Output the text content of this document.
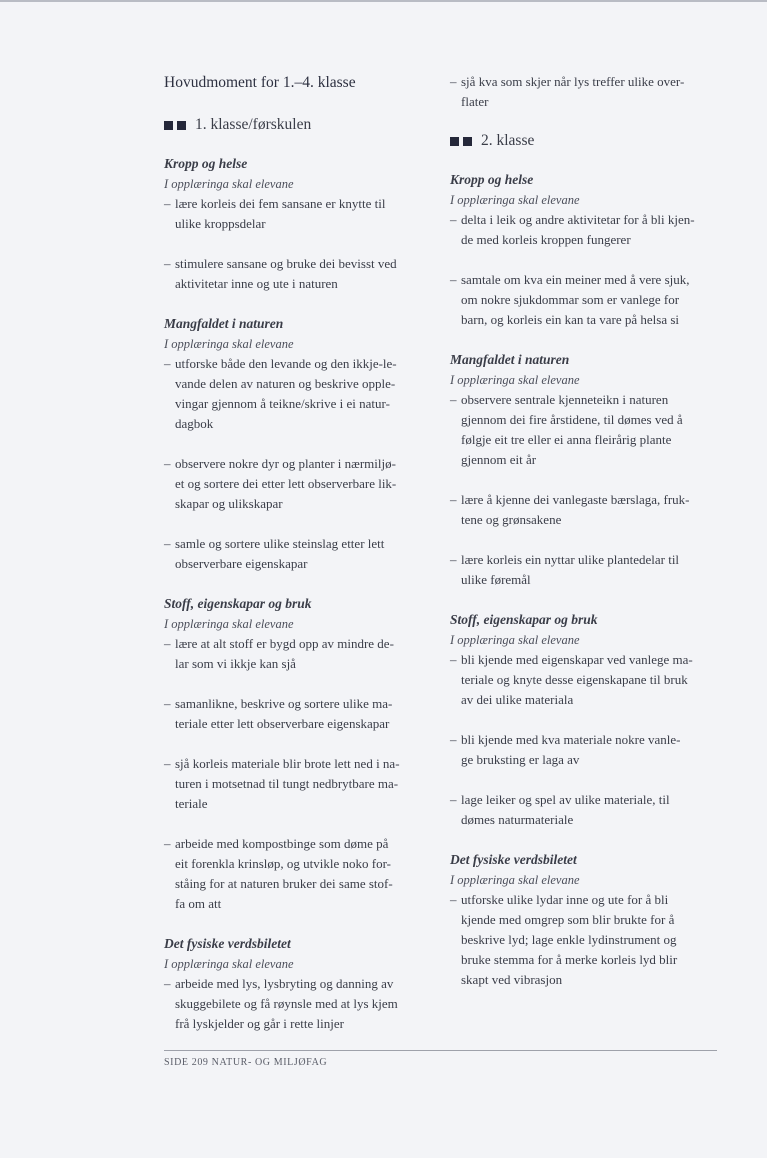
Hovudmoment for 1.–4. klasse
1. klasse/førskulen
Kropp og helse
I opplæringa skal elevane
– lære korleis dei fem sansane er knytte til
ulike kroppsdelar
– stimulere sansane og bruke dei bevisst ved
aktivitetar inne og ute i naturen
Mangfaldet i naturen
I opplæringa skal elevane
– utforske både den levande og den ikkje-le-
vande delen av naturen og beskrive opple-
vingar gjennom å teikne/skrive i ei natur-
dagbok
– observere nokre dyr og planter i nærmiljø-
et og sortere dei etter lett observerbare lik-
skapar og ulikskapar
– samle og sortere ulike steinslag etter lett
observerbare eigenskapar
Stoff, eigenskapar og bruk
I opplæringa skal elevane
– lære at alt stoff er bygd opp av mindre de-
lar som vi ikkje kan sjå
– samanlikne, beskrive og sortere ulike ma-
teriale etter lett observerbare eigenskapar
– sjå korleis materiale blir brote lett ned i na-
turen i motsetnad til tungt nedbrytbare ma-
teriale
– arbeide med kompostbinge som døme på
eit forenkla krinsløp, og utvikle noko for-
ståing for at naturen bruker dei same stof-
fa om att
Det fysiske verdsbiletet
I opplæringa skal elevane
– arbeide med lys, lysbryting og danning av
skuggebilete og få røynsle med at lys kjem
frå lyskjelder og går i rette linjer
– sjå kva som skjer når lys treffer ulike over-
flater
2. klasse
Kropp og helse
I opplæringa skal elevane
– delta i leik og andre aktivitetar for å bli kjen-
de med korleis kroppen fungerer
– samtale om kva ein meiner med å vere sjuk,
om nokre sjukdommar som er vanlege for
barn, og korleis ein kan ta vare på helsa si
Mangfaldet i naturen
I opplæringa skal elevane
– observere sentrale kjenneteikn i naturen
gjennom dei fire årstidene, til dømes ved å
følgje eit tre eller ei anna fleirårig plante
gjennom eit år
– lære å kjenne dei vanlegaste bærslaga, fruk-
tene og grønsakene
– lære korleis ein nyttar ulike plantedelar til
ulike føremål
Stoff, eigenskapar og bruk
I opplæringa skal elevane
– bli kjende med eigenskapar ved vanlege ma-
teriale og knyte desse eigenskapane til bruk
av dei ulike materiala
– bli kjende med kva materiale nokre vanle-
ge bruksting er laga av
– lage leiker og spel av ulike materiale, til
dømes naturmateriale
Det fysiske verdsbiletet
I opplæringa skal elevane
– utforske ulike lydar inne og ute for å bli
kjende med omgrep som blir brukte for å
beskrive lyd; lage enkle lydinstrument og
bruke stemma for å merke korleis lyd blir
skapt ved vibrasjon
SIDE 209 NATUR- OG MILJØFAG
